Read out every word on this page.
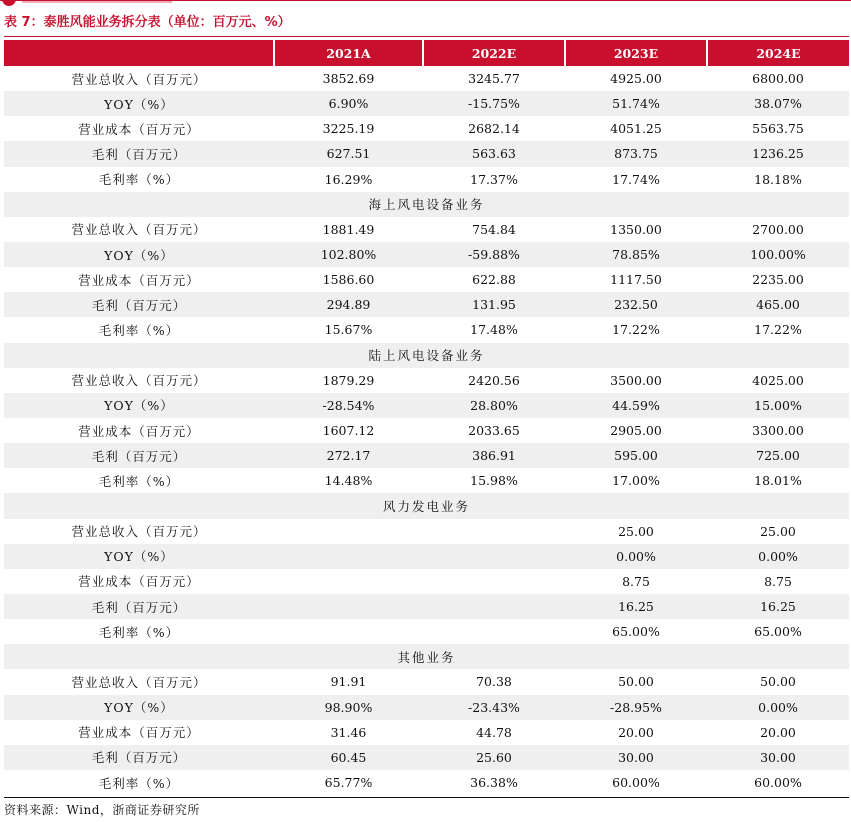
表 7：泰胜风能业务拆分表（单位：百万元、%）
	2021A	2022E	2023E	2024E
营业总收入（百万元）	3852.69	3245.77	4925.00	6800.00
YOY（%）	6.90%	-15.75%	51.74%	38.07%
营业成本（百万元）	3225.19	2682.14	4051.25	5563.75
毛利（百万元）	627.51	563.63	873.75	1236.25
毛利率（%）	16.29%	17.37%	17.74%	18.18%
海上风电设备业务				
营业总收入（百万元）	1881.49	754.84	1350.00	2700.00
YOY（%）	102.80%	-59.88%	78.85%	100.00%
营业成本（百万元）	1586.60	622.88	1117.50	2235.00
毛利（百万元）	294.89	131.95	232.50	465.00
毛利率（%）	15.67%	17.48%	17.22%	17.22%
陆上风电设备业务				
营业总收入（百万元）	1879.29	2420.56	3500.00	4025.00
YOY（%）	-28.54%	28.80%	44.59%	15.00%
营业成本（百万元）	1607.12	2033.65	2905.00	3300.00
毛利（百万元）	272.17	386.91	595.00	725.00
毛利率（%）	14.48%	15.98%	17.00%	18.01%
风力发电业务				
营业总收入（百万元）			25.00	25.00
YOY（%）			0.00%	0.00%
营业成本（百万元）			8.75	8.75
毛利（百万元）			16.25	16.25
毛利率（%）			65.00%	65.00%
其他业务				
营业总收入（百万元）	91.91	70.38	50.00	50.00
YOY（%）	98.90%	-23.43%	-28.95%	0.00%
营业成本（百万元）	31.46	44.78	20.00	20.00
毛利（百万元）	60.45	25.60	30.00	30.00
毛利率（%）	65.77%	36.38%	60.00%	60.00%
资料来源：Wind，浙商证券研究所
